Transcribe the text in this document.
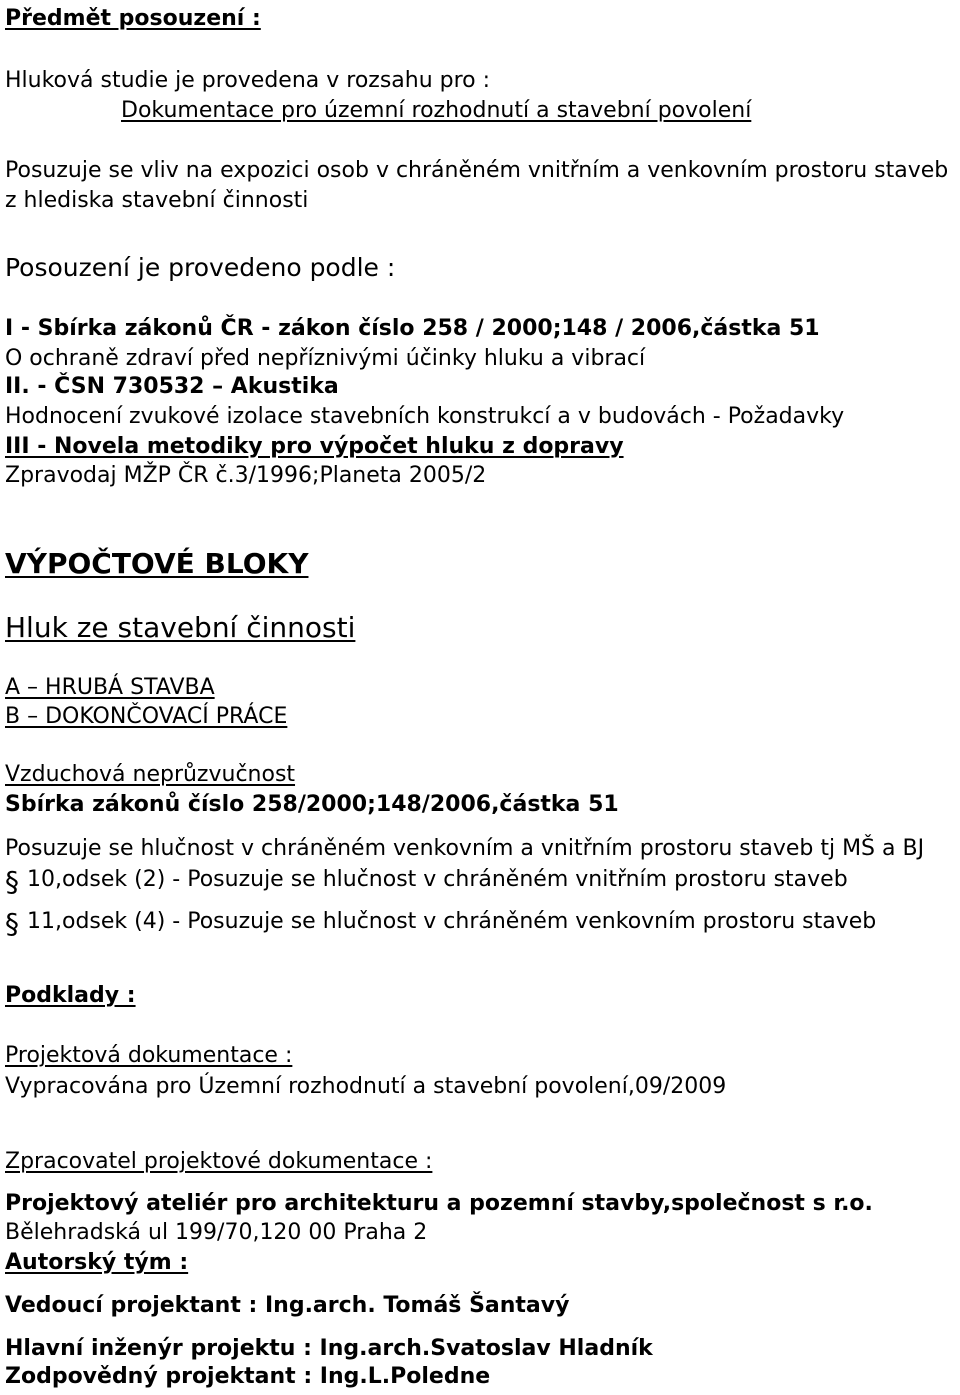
Předmět posouzení :
Hluková studie je provedena v rozsahu pro :
Dokumentace pro územní rozhodnutí a stavební povolení
Posuzuje se vliv na expozici osob v chráněném vnitřním a venkovním prostoru staveb
z hlediska stavební činnosti
Posouzení je provedeno podle :
I - Sbírka zákonů ČR - zákon číslo 258 / 2000;148 / 2006,částka 51
O ochraně zdraví před nepříznivými účinky hluku a vibrací
II. - ČSN 730532 – Akustika
Hodnocení zvukové izolace stavebních konstrukcí a v budovách - Požadavky
III - Novela metodiky pro výpočet hluku z dopravy
Zpravodaj MŽP ČR č.3/1996;Planeta 2005/2
VÝPOČTOVÉ BLOKY
Hluk ze stavební činnosti
A – HRUBÁ STAVBA
B – DOKONČOVACÍ PRÁCE
Vzduchová neprůzvučnost
Sbírka zákonů číslo 258/2000;148/2006,částka 51
Posuzuje se hlučnost v chráněném venkovním a vnitřním prostoru staveb tj MŠ a BJ
§ 10,odsek (2) - Posuzuje se hlučnost v chráněném vnitřním prostoru staveb
§ 11,odsek (4) - Posuzuje se hlučnost v chráněném venkovním prostoru staveb
Podklady :
Projektová dokumentace :
Vypracována pro Územní rozhodnutí a stavební povolení,09/2009
Zpracovatel projektové dokumentace :
Projektový ateliér pro architekturu a pozemní stavby,společnost s r.o.
Bělehradská ul 199/70,120 00 Praha 2
Autorský tým :
Vedoucí projektant : Ing.arch. Tomáš Šantavý
Hlavní inženýr projektu : Ing.arch.Svatoslav Hladník
Zodpovědný projektant : Ing.L.Poledne
